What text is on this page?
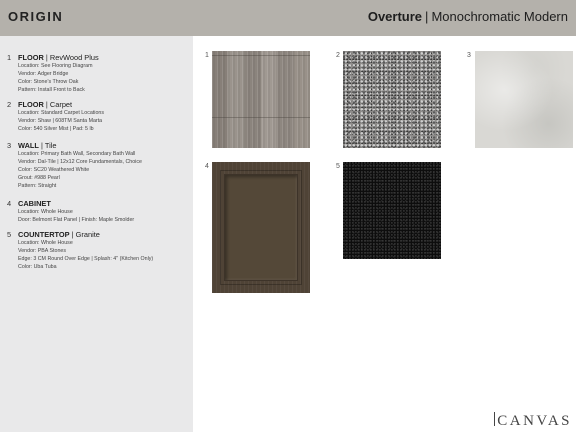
ORIGIN	Overture | Monochromatic Modern
1 FLOOR | RevWood Plus
Location: See Flooring Diagram
Vendor: Adger Bridge
Color: Stone's Throw Oak
Pattern: Install Front to Back
2 FLOOR | Carpet
Location: Standard Carpet Locations
Vendor: Shaw | 608TM Santa Marta
Color: 540 Silver Mist | Pad: 5 lb
3 WALL | Tile
Location: Primary Bath Wall, Secondary Bath Wall
Vendor: Dal-Tile | 12x12 Core Fundamentals, Choice
Color: SC20 Weathered White
Grout: #988 Pearl
Pattern: Straight
4 CABINET
Location: Whole House
Door: Belmont Flat Panel | Finish: Maple Smolder
5 COUNTERTOP | Granite
Location: Whole House
Vendor: PBA Stones
Edge: 3 CM Round Over Edge | Splash: 4" (Kitchen Only)
Color: Uba Tuba
1	2	3
4	5
CANVAS
